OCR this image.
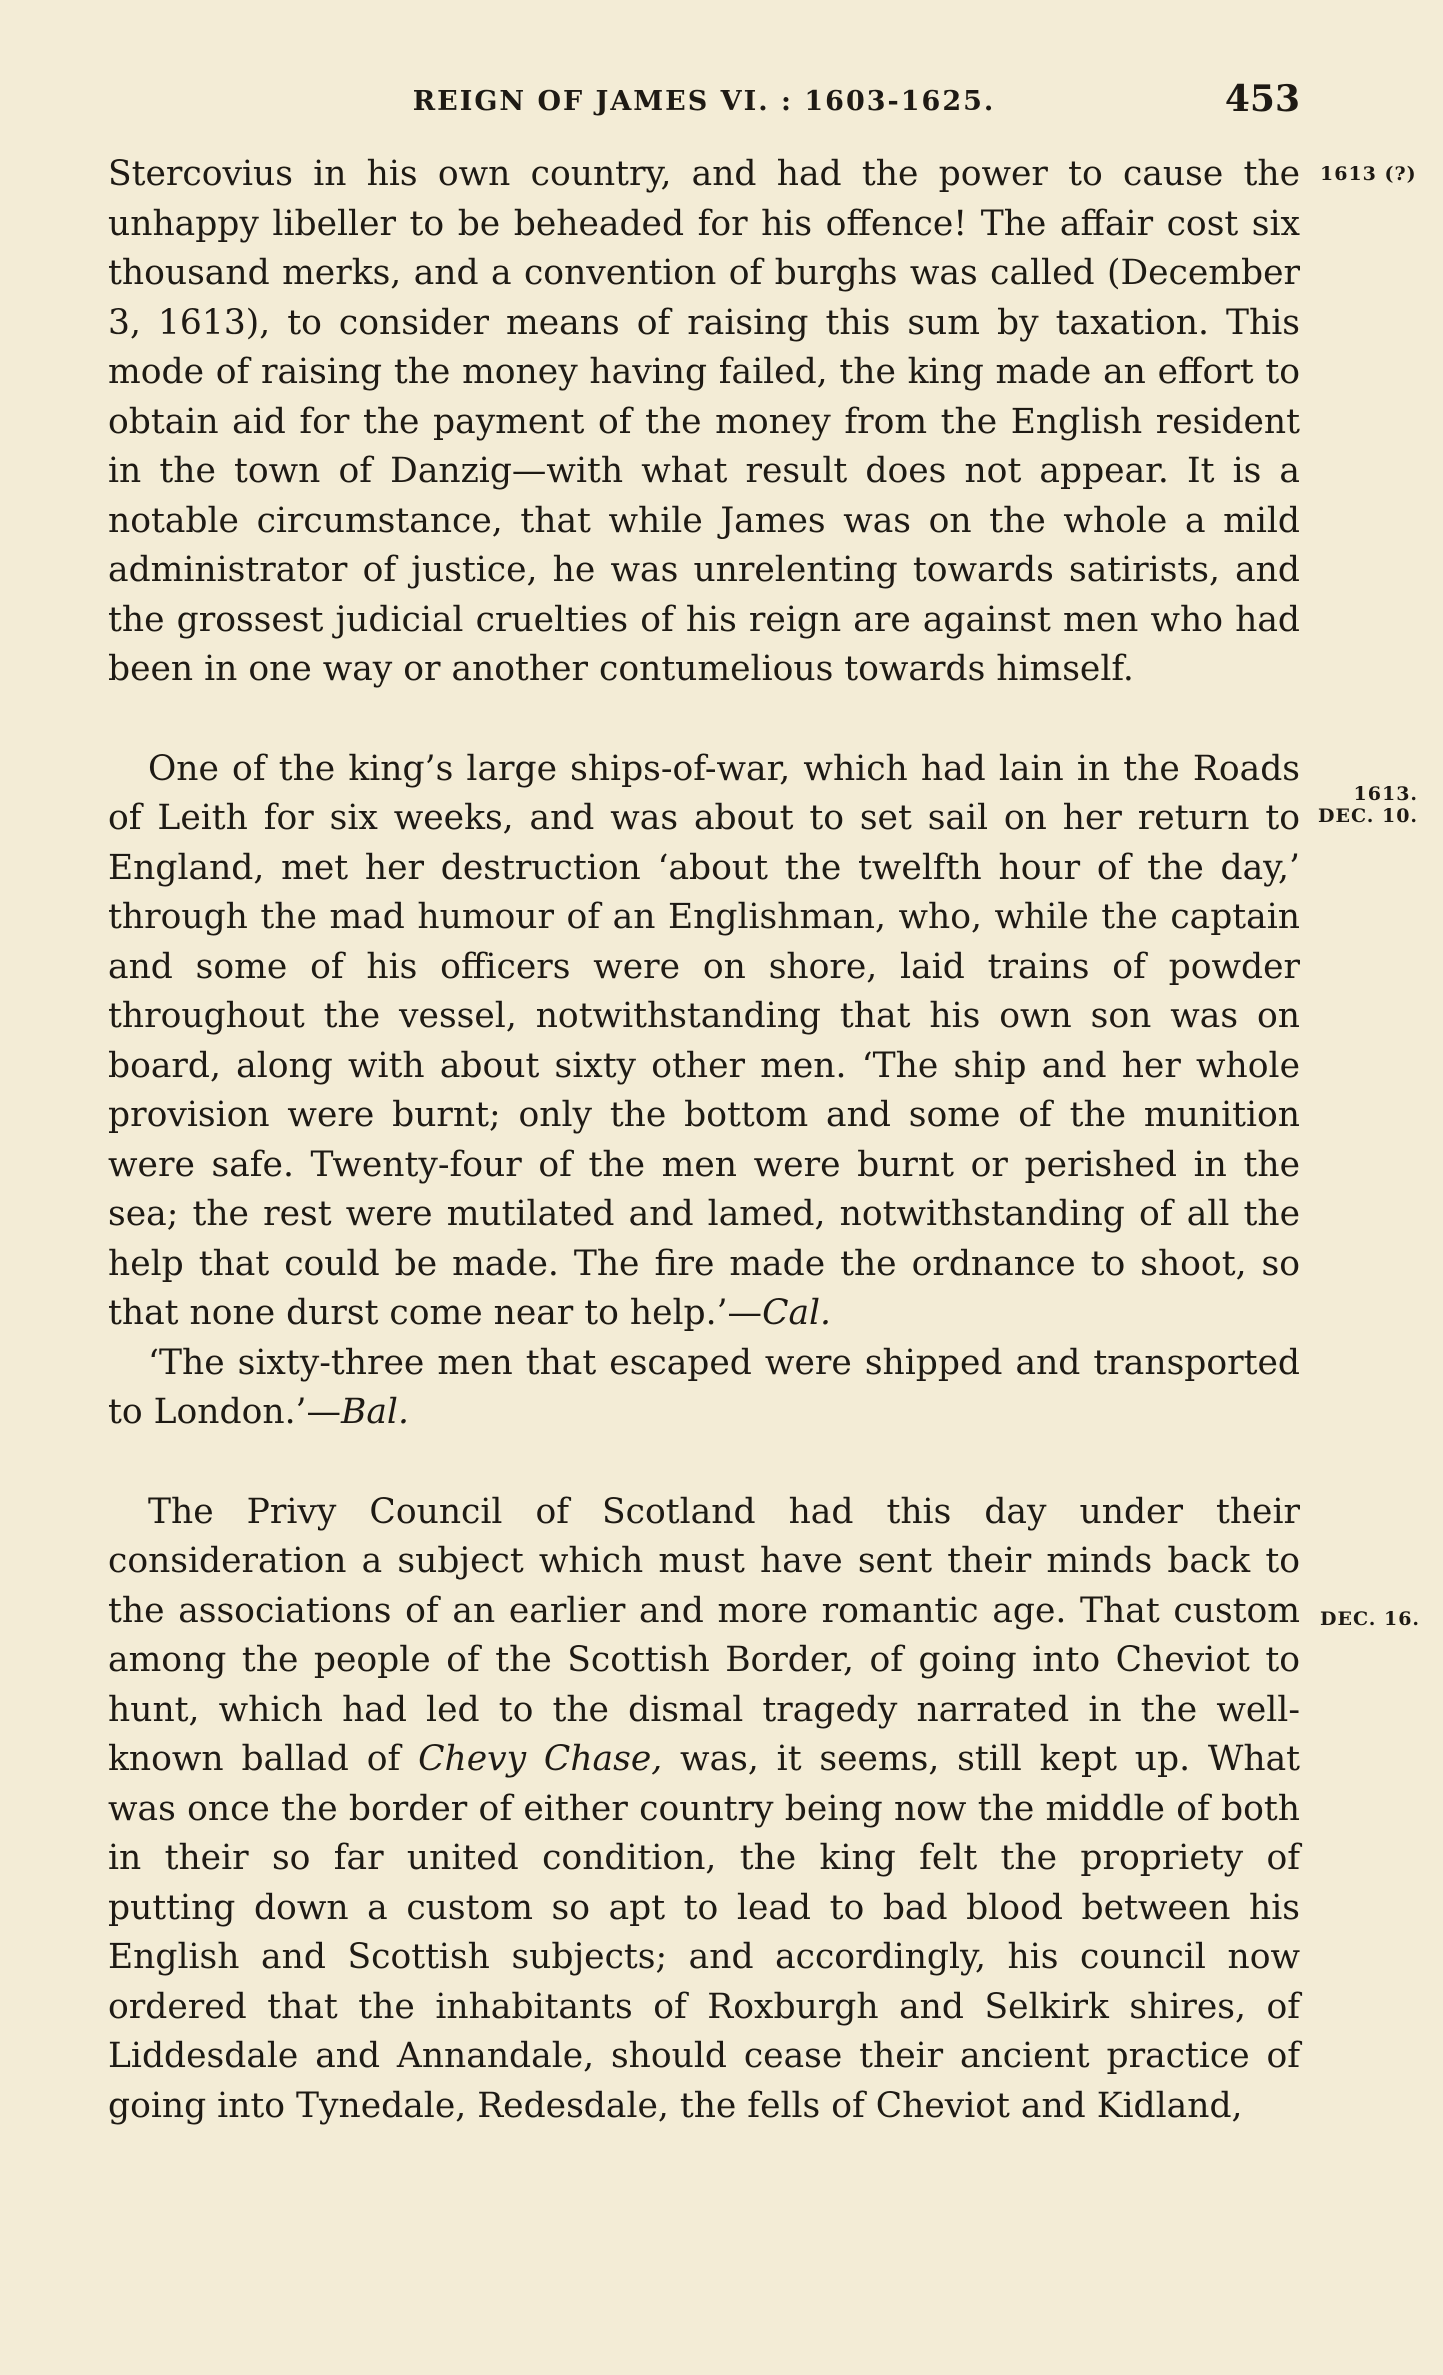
REIGN OF JAMES VI. : 1603-1625.	453

Stercovius in his own country, and had the power to cause the unhappy libeller to be beheaded for his offence! The affair cost six thousand merks, and a convention of burghs was called (December 3, 1613), to consider means of raising this sum by taxation. This mode of raising the money having failed, the king made an effort to obtain aid for the payment of the money from the English resident in the town of Danzig—with what result does not appear. It is a notable circumstance, that while James was on the whole a mild administrator of justice, he was unrelenting towards satirists, and the grossest judicial cruelties of his reign are against men who had been in one way or another contumelious towards himself.

One of the king’s large ships-of-war, which had lain in the Roads of Leith for six weeks, and was about to set sail on her return to England, met her destruction ‘about the twelfth hour of the day,’ through the mad humour of an Englishman, who, while the captain and some of his officers were on shore, laid trains of powder throughout the vessel, notwithstanding that his own son was on board, along with about sixty other men. ‘The ship and her whole provision were burnt; only the bottom and some of the munition were safe. Twenty-four of the men were burnt or perished in the sea; the rest were mutilated and lamed, notwithstanding of all the help that could be made. The fire made the ordnance to shoot, so that none durst come near to help.’—Cal.

‘The sixty-three men that escaped were shipped and transported to London.’—Bal.

The Privy Council of Scotland had this day under their consideration a subject which must have sent their minds back to the associations of an earlier and more romantic age. That custom among the people of the Scottish Border, of going into Cheviot to hunt, which had led to the dismal tragedy narrated in the well-known ballad of Chevy Chase, was, it seems, still kept up. What was once the border of either country being now the middle of both in their so far united condition, the king felt the propriety of putting down a custom so apt to lead to bad blood between his English and Scottish subjects; and accordingly, his council now ordered that the inhabitants of Roxburgh and Selkirk shires, of Liddesdale and Annandale, should cease their ancient practice of going into Tynedale, Redesdale, the fells of Cheviot and Kidland,

1613 (?)
1613.
DEC. 10.
DEC. 16.
